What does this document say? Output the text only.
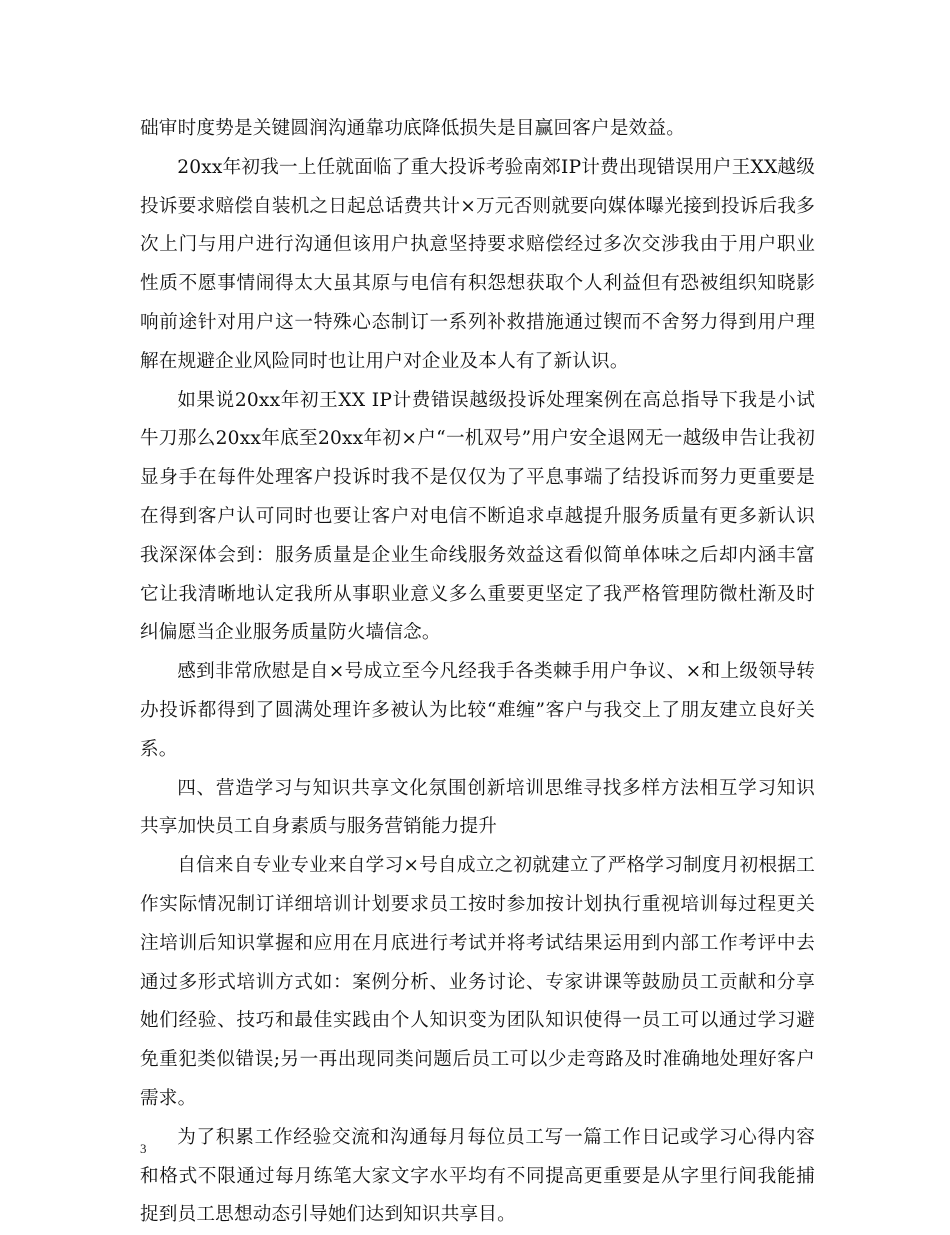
础审时度势是关键圆润沟通靠功底降低损失是目赢回客户是效益。

20xx年初我一上任就面临了重大投诉考验南郊IP计费出现错误用户王XX越级投诉要求赔偿自装机之日起总话费共计×万元否则就要向媒体曝光接到投诉后我多次上门与用户进行沟通但该用户执意坚持要求赔偿经过多次交涉我由于用户职业性质不愿事情闹得太大虽其原与电信有积怨想获取个人利益但有恐被组织知晓影响前途针对用户这一特殊心态制订一系列补救措施通过锲而不舍努力得到用户理解在规避企业风险同时也让用户对企业及本人有了新认识。

如果说20xx年初王XX IP计费错误越级投诉处理案例在高总指导下我是小试牛刀那么20xx年底至20xx年初×户“一机双号”用户安全退网无一越级申告让我初显身手在每件处理客户投诉时我不是仅仅为了平息事端了结投诉而努力更重要是在得到客户认可同时也要让客户对电信不断追求卓越提升服务质量有更多新认识我深深体会到：服务质量是企业生命线服务效益这看似简单体味之后却内涵丰富它让我清晰地认定我所从事职业意义多么重要更坚定了我严格管理防微杜渐及时纠偏愿当企业服务质量防火墙信念。

感到非常欣慰是自×号成立至今凡经我手各类棘手用户争议、×和上级领导转办投诉都得到了圆满处理许多被认为比较“难缠”客户与我交上了朋友建立良好关系。

四、营造学习与知识共享文化氛围创新培训思维寻找多样方法相互学习知识共享加快员工自身素质与服务营销能力提升

自信来自专业专业来自学习×号自成立之初就建立了严格学习制度月初根据工作实际情况制订详细培训计划要求员工按时参加按计划执行重视培训每过程更关注培训后知识掌握和应用在月底进行考试并将考试结果运用到内部工作考评中去通过多形式培训方式如：案例分析、业务讨论、专家讲课等鼓励员工贡献和分享她们经验、技巧和最佳实践由个人知识变为团队知识使得一员工可以通过学习避免重犯类似错误;另一再出现同类问题后员工可以少走弯路及时准确地处理好客户需求。

为了积累工作经验交流和沟通每月每位员工写一篇工作日记或学习心得内容和格式不限通过每月练笔大家文字水平均有不同提高更重要是从字里行间我能捕捉到员工思想动态引导她们达到知识共享目。

3
